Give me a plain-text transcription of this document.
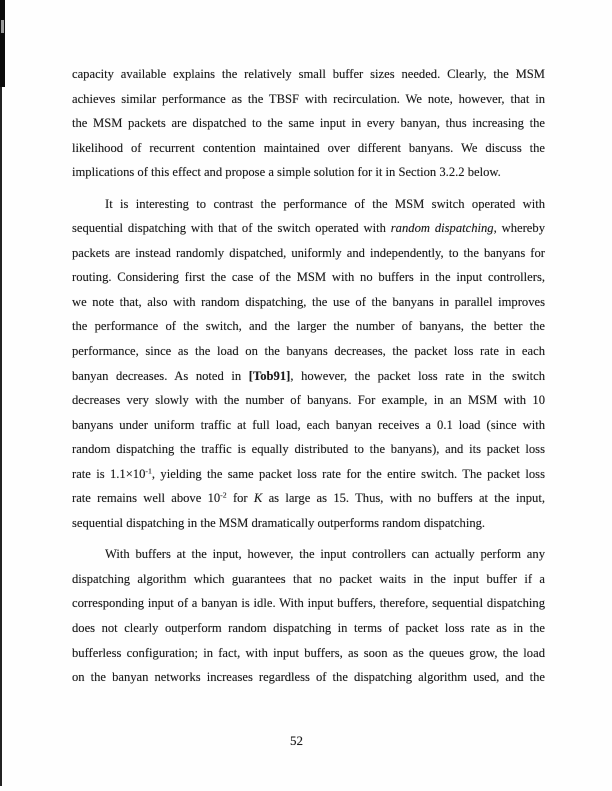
capacity available explains the relatively small buffer sizes needed. Clearly, the MSM
achieves similar performance as the TBSF with recirculation. We note, however, that in
the MSM packets are dispatched to the same input in every banyan, thus increasing the
likelihood of recurrent contention maintained over different banyans. We discuss the
implications of this effect and propose a simple solution for it in Section 3.2.2 below.
It is interesting to contrast the performance of the MSM switch operated with
sequential dispatching with that of the switch operated with random dispatching, whereby
packets are instead randomly dispatched, uniformly and independently, to the banyans for
routing. Considering first the case of the MSM with no buffers in the input controllers,
we note that, also with random dispatching, the use of the banyans in parallel improves
the performance of the switch, and the larger the number of banyans, the better the
performance, since as the load on the banyans decreases, the packet loss rate in each
banyan decreases. As noted in [Tob91], however, the packet loss rate in the switch
decreases very slowly with the number of banyans. For example, in an MSM with 10
banyans under uniform traffic at full load, each banyan receives a 0.1 load (since with
random dispatching the traffic is equally distributed to the banyans), and its packet loss
rate is $1.1\times 10^{-1}$, yielding the same packet loss rate for the entire switch. The packet loss
rate remains well above $10^{-2}$ for K as large as 15. Thus, with no buffers at the input,
sequential dispatching in the MSM dramatically outperforms random dispatching.
With buffers at the input, however, the input controllers can actually perform any
dispatching algorithm which guarantees that no packet waits in the input buffer if a
corresponding input of a banyan is idle. With input buffers, therefore, sequential dispatching
does not clearly outperform random dispatching in terms of packet loss rate as in the
bufferless configuration; in fact, with input buffers, as soon as the queues grow, the load
on the banyan networks increases regardless of the dispatching algorithm used, and the
52
